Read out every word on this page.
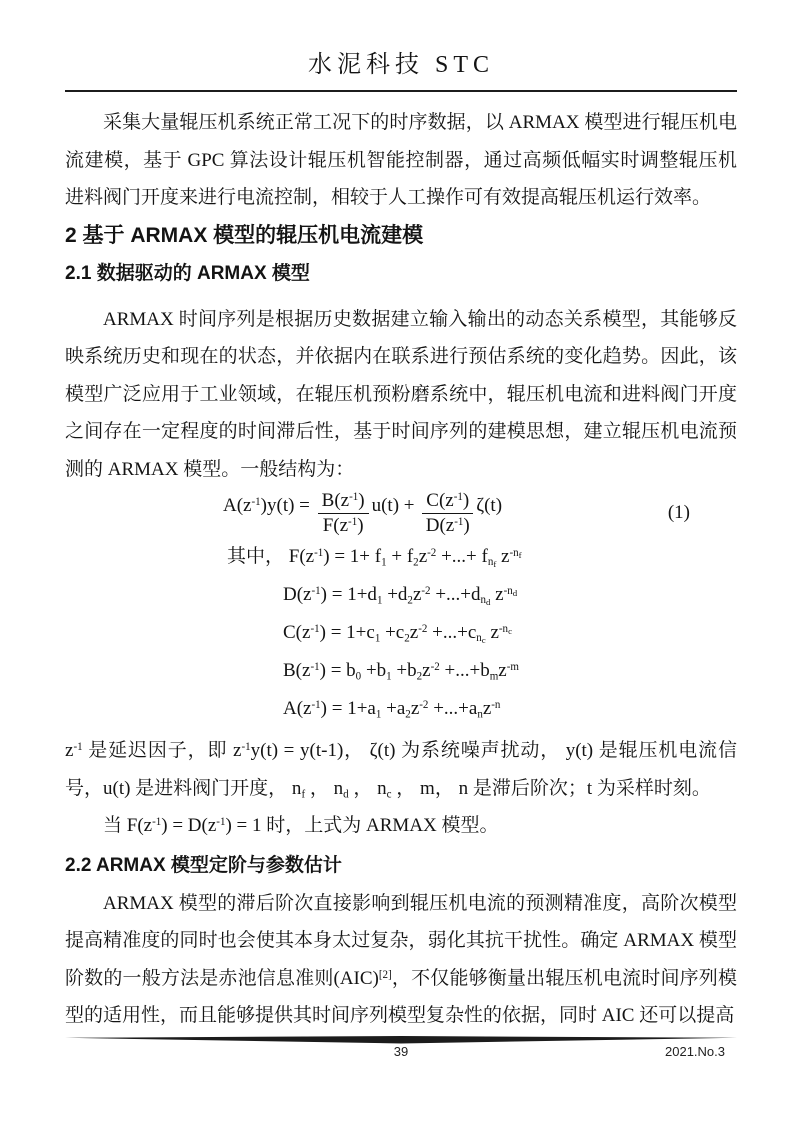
水泥科技 STC

采集大量辊压机系统正常工况下的时序数据，以 ARMAX 模型进行辊压机电流建模，基于 GPC 算法设计辊压机智能控制器，通过高频低幅实时调整辊压机进料阀门开度来进行电流控制，相较于人工操作可有效提高辊压机运行效率。

2 基于 ARMAX 模型的辊压机电流建模
2.1 数据驱动的 ARMAX 模型

ARMAX 时间序列是根据历史数据建立输入输出的动态关系模型，其能够反映系统历史和现在的状态，并依据内在联系进行预估系统的变化趋势。因此，该模型广泛应用于工业领域，在辊压机预粉磨系统中，辊压机电流和进料阀门开度之间存在一定程度的时间滞后性，基于时间序列的建模思想，建立辊压机电流预测的 ARMAX 模型。一般结构为：

$A(z^{-1})y(t) = \frac{B(z^{-1})}{F(z^{-1})} u(t) + \frac{C(z^{-1})}{D(z^{-1})} \zeta(t)$	(1)
其中， $F(z^{-1}) = 1+ f_1 + f_2z^{-2}$ +...+ $f_{n_f}$ $z^{-n_f}$
$D(z^{-1}) = 1+d_1 +d_2z^{-2} +...+d_{n_d}$ $z^{-n_d}$
$C(z^{-1}) = 1+c_1 +c_2z^{-2} +...+c_{n_c}$ $z^{-n_c}$
$B(z^{-1}) = b_0 +b_1 +b_2z^{-2} +...+b_mz^{-m}$
$A(z^{-1}) = 1+a_1 +a_2z^{-2} +...+a_nz^{-n}$

$z^{-1}$ 是延迟因子，即 $z^{-1}y(t) = y(t-1)$， ζ(t) 为系统噪声扰动， y(t) 是辊压机电流信号，u(t) 是进料阀门开度， $n_f$ ， $n_d$ ， $n_c$ ， m， n 是滞后阶次；t 为采样时刻。

当 $F(z^{-1}) = D(z^{-1}) = 1$ 时，上式为 ARMAX 模型。

2.2 ARMAX 模型定阶与参数估计

ARMAX 模型的滞后阶次直接影响到辊压机电流的预测精准度，高阶次模型提高精准度的同时也会使其本身太过复杂，弱化其抗干扰性。确定 ARMAX 模型阶数的一般方法是赤池信息准则(AIC)[2]，不仅能够衡量出辊压机电流时间序列模型的适用性，而且能够提供其时间序列模型复杂性的依据，同时 AIC 还可以提高

39	2021.No.3
